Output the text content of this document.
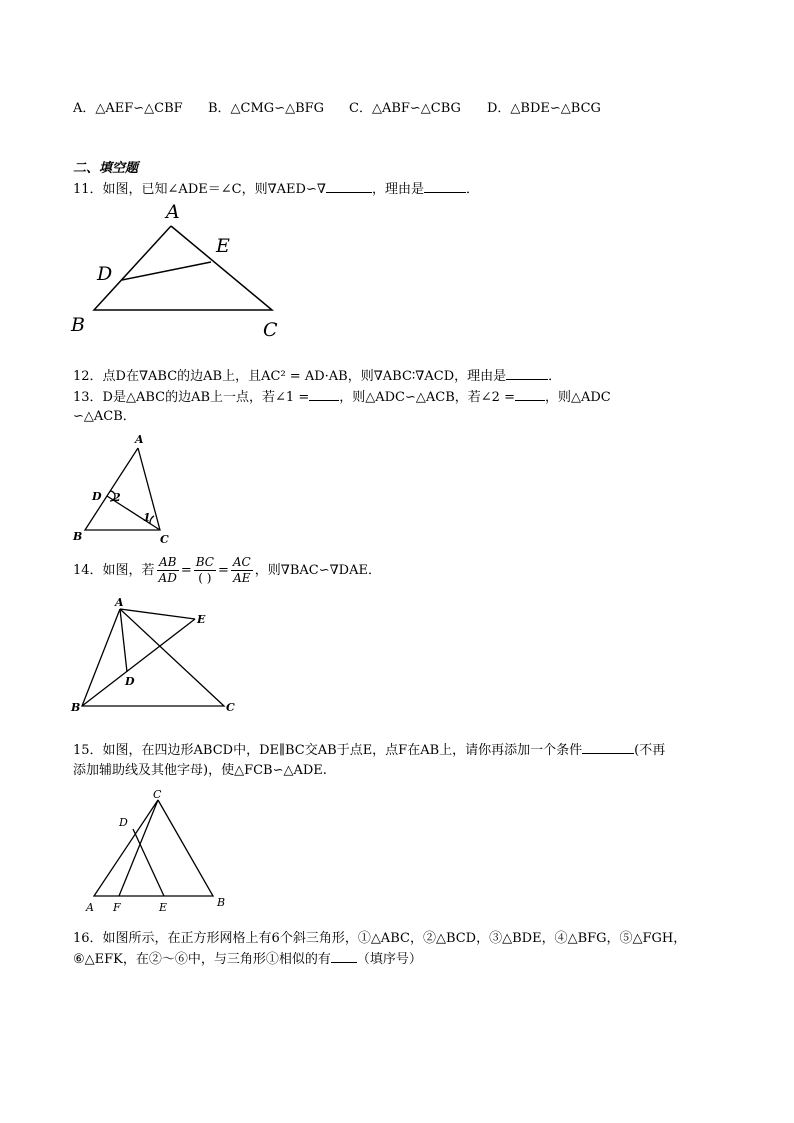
A．△AEF∽△CBF B．△CMG∽△BFG C．△ABF∽△CBG D．△BDE∽△BCG
二、填空题
11．如图，已知∠ADE＝∠C，则∇AED∽∇	，理由是	．
A
E
D
B	C
12．点D在∇ABC的边AB上，且AC² = AD·AB，则∇ABC∶∇ACD，理由是	．
13．D是△ABC的边AB上一点，若∠1 = ，则△ADC∽△ACB，若∠2 = ，则△ADC
∽△ACB．
A
D 2
1
B	C
14．如图，若 $\frac{AB}{AD} = \frac{BC}{( )} = \frac{AC}{AE}$ ，则∇BAC∽∇DAE．
A
E
D
B	C
15．如图，在四边形ABCD中，DE∥BC交AB于点E，点F在AB上，请你再添加一个条件	(不再
添加辅助线及其他字母)，使△FCB∽△ADE.
C
D
A F	E	B
16．如图所示，在正方形网格上有6个斜三角形，①△ABC，②△BCD，③△BDE，④△BFG，⑤△FGH，
⑥△EFK，在②～⑥中，与三角形①相似的有 （填序号）
